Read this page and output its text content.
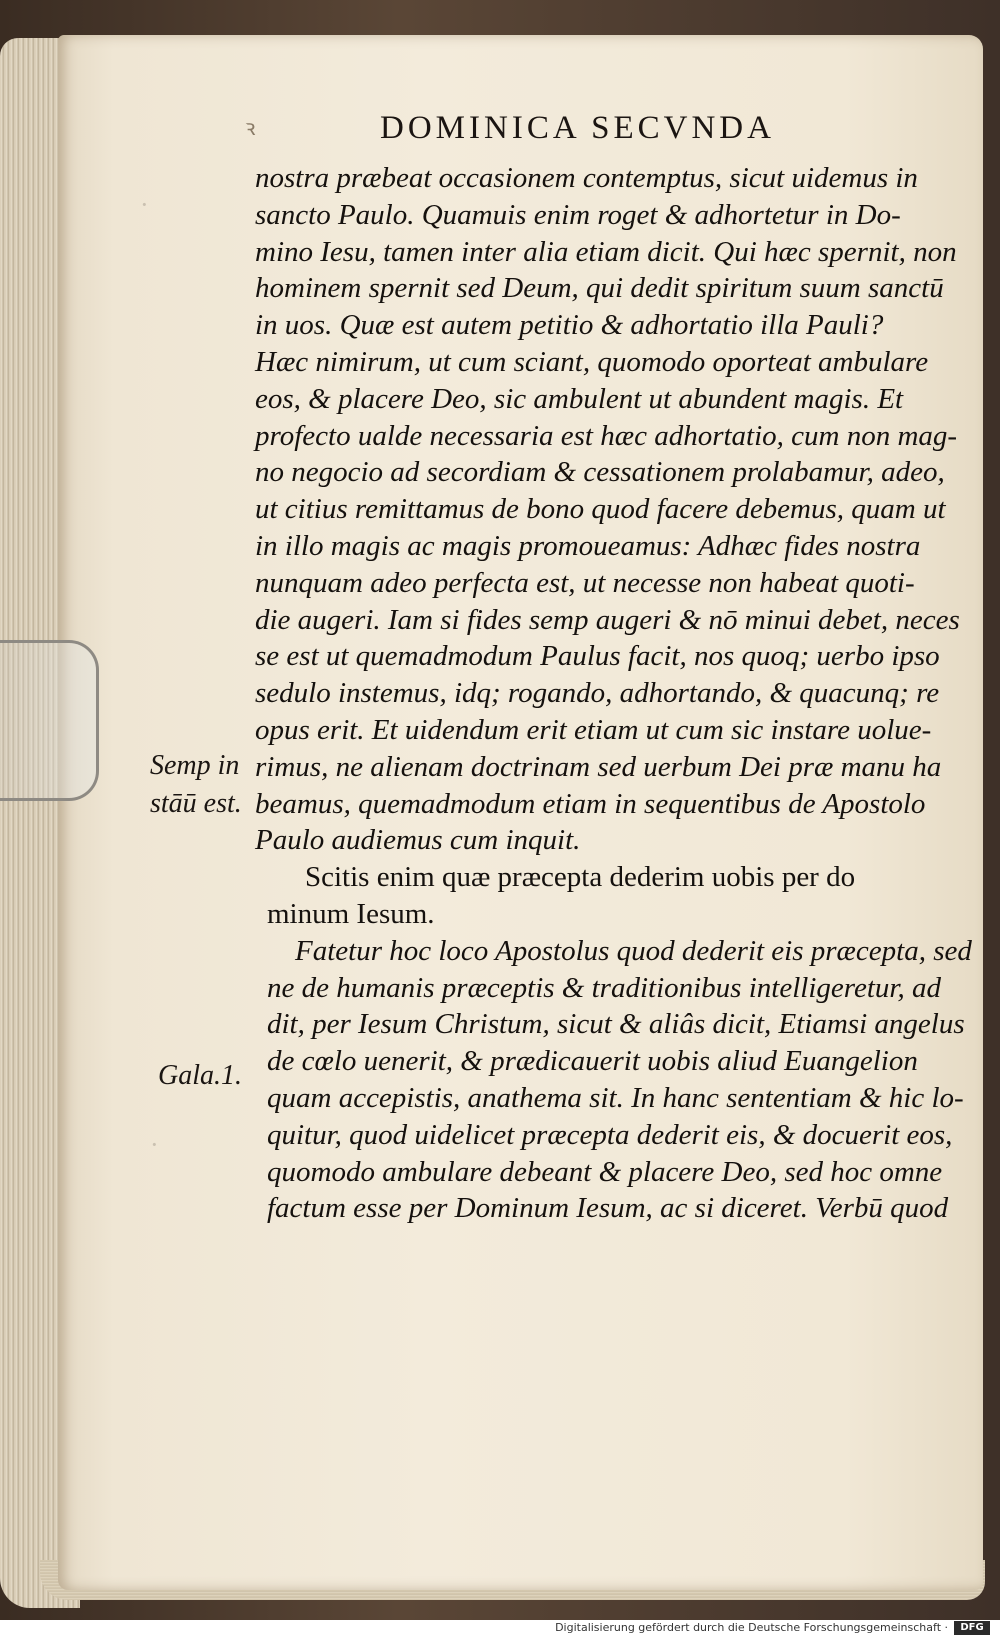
·
·
ꝛ	DOMINICA SECVNDA
nostra præbeat occasionem contemptus, sicut uidemus in
sancto Paulo. Quamuis enim roget & adhortetur in Do-
mino Iesu, tamen inter alia etiam dicit. Qui hæc spernit, non
hominem spernit sed Deum, qui dedit spiritum suum sanctū
in uos. Quæ est autem petitio & adhortatio illa Pauli?
Hæc nimirum, ut cum sciant, quomodo oporteat ambulare
eos, & placere Deo, sic ambulent ut abundent magis. Et
profecto ualde necessaria est hæc adhortatio, cum non mag-
no negocio ad secordiam & cessationem prolabamur, adeo,
ut citius remittamus de bono quod facere debemus, quam ut
in illo magis ac magis promoueamus: Adhæc fides nostra
nunquam adeo perfecta est, ut necesse non habeat quoti-
die augeri. Iam si fides semp augeri & nō minui debet, neces
se est ut quemadmodum Paulus facit, nos quoq; uerbo ipso
sedulo instemus, idq; rogando, adhortando, & quacunq; re
opus erit. Et uidendum erit etiam ut cum sic instare uolue-
rimus, ne alienam doctrinam sed uerbum Dei præ manu ha
beamus, quemadmodum etiam in sequentibus de Apostolo
Paulo audiemus cum inquit.
Scitis enim quæ præcepta dederim uobis per do
minum Iesum.
Fatetur hoc loco Apostolus quod dederit eis præcepta, sed
ne de humanis præceptis & traditionibus intelligeretur, ad
dit, per Iesum Christum, sicut & aliâs dicit, Etiamsi angelus
de cœlo uenerit, & prædicauerit uobis aliud Euangelion
quam accepistis, anathema sit. In hanc sententiam & hic lo-
quitur, quod uidelicet præcepta dederit eis, & docuerit eos,
quomodo ambulare debeant & placere Deo, sed hoc omne
factum esse per Dominum Iesum, ac si diceret. Verbū quod
Semp in
stāū est.
Gala.1.
Digitalisierung gefördert durch die Deutsche Forschungsgemeinschaft ·	DFG
